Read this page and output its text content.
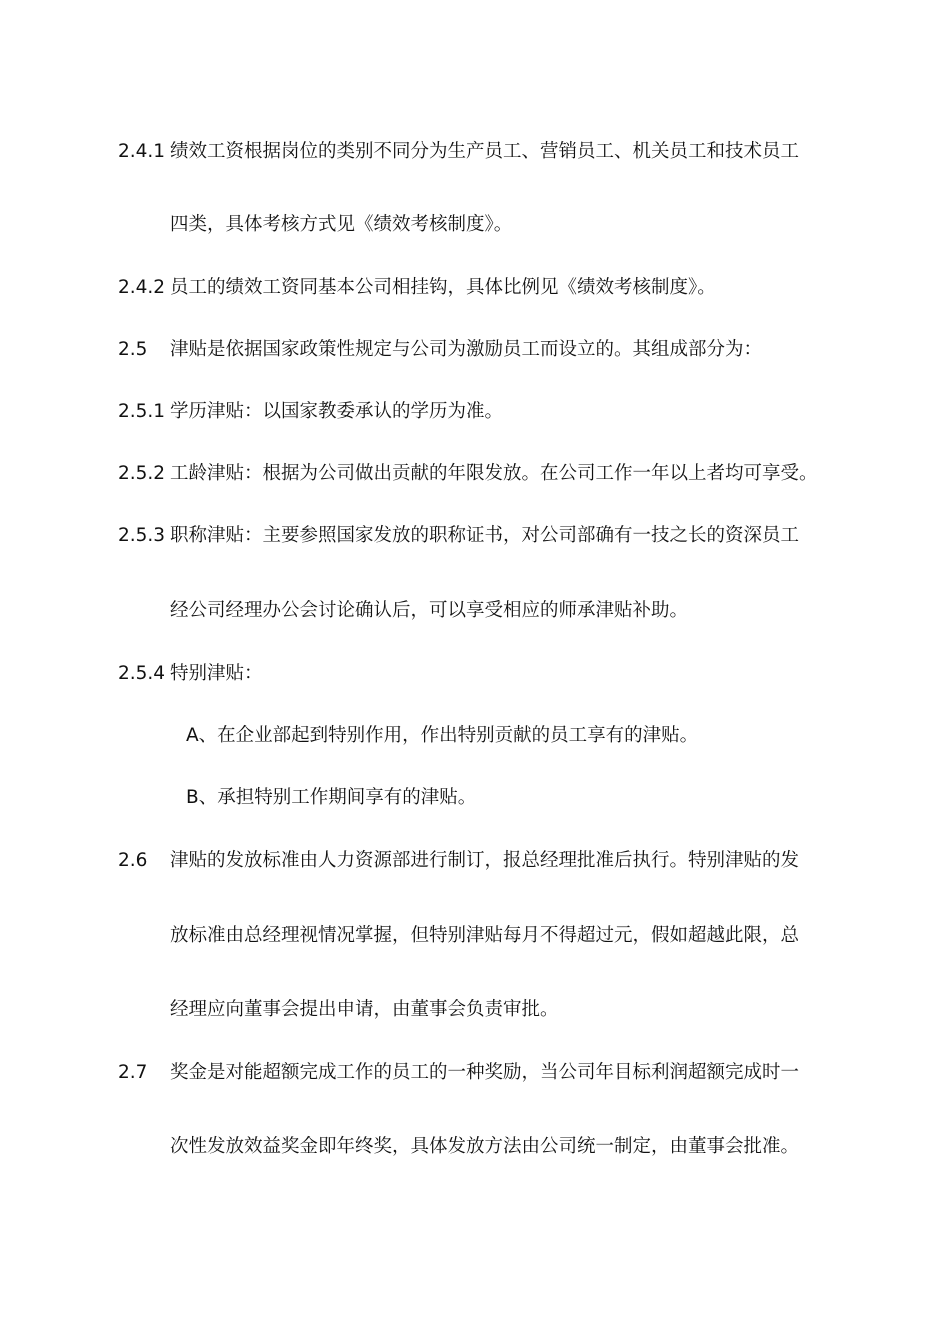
2.4.1 绩效工资根据岗位的类别不同分为生产员工、营销员工、机关员工和技术员工
四类，具体考核方式见《绩效考核制度》。
2.4.2 员工的绩效工资同基本公司相挂钩，具体比例见《绩效考核制度》。
2.5 津贴是依据国家政策性规定与公司为激励员工而设立的。其组成部分为：
2.5.1 学历津贴：以国家教委承认的学历为准。
2.5.2 工龄津贴：根据为公司做出贡献的年限发放。在公司工作一年以上者均可享受。
2.5.3 职称津贴：主要参照国家发放的职称证书，对公司部确有一技之长的资深员工
经公司经理办公会讨论确认后，可以享受相应的师承津贴补助。
2.5.4 特别津贴：
A、在企业部起到特别作用，作出特别贡献的员工享有的津贴。
B、承担特别工作期间享有的津贴。
2.6 津贴的发放标准由人力资源部进行制订，报总经理批准后执行。特别津贴的发
放标准由总经理视情况掌握，但特别津贴每月不得超过元，假如超越此限，总
经理应向董事会提出申请，由董事会负责审批。
2.7 奖金是对能超额完成工作的员工的一种奖励，当公司年目标利润超额完成时一
次性发放效益奖金即年终奖，具体发放方法由公司统一制定，由董事会批准。
